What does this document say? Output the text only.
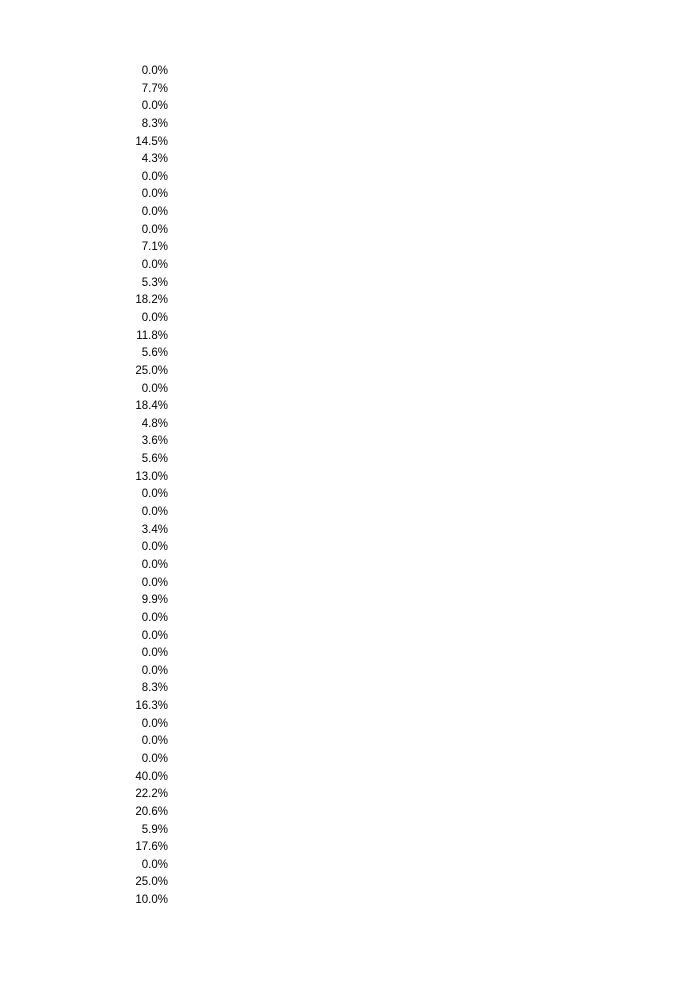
0.0%
7.7%
0.0%
8.3%
14.5%
4.3%
0.0%
0.0%
0.0%
0.0%
7.1%
0.0%
5.3%
18.2%
0.0%
11.8%
5.6%
25.0%
0.0%
18.4%
4.8%
3.6%
5.6%
13.0%
0.0%
0.0%
3.4%
0.0%
0.0%
0.0%
9.9%
0.0%
0.0%
0.0%
0.0%
8.3%
16.3%
0.0%
0.0%
0.0%
40.0%
22.2%
20.6%
5.9%
17.6%
0.0%
25.0%
10.0%
